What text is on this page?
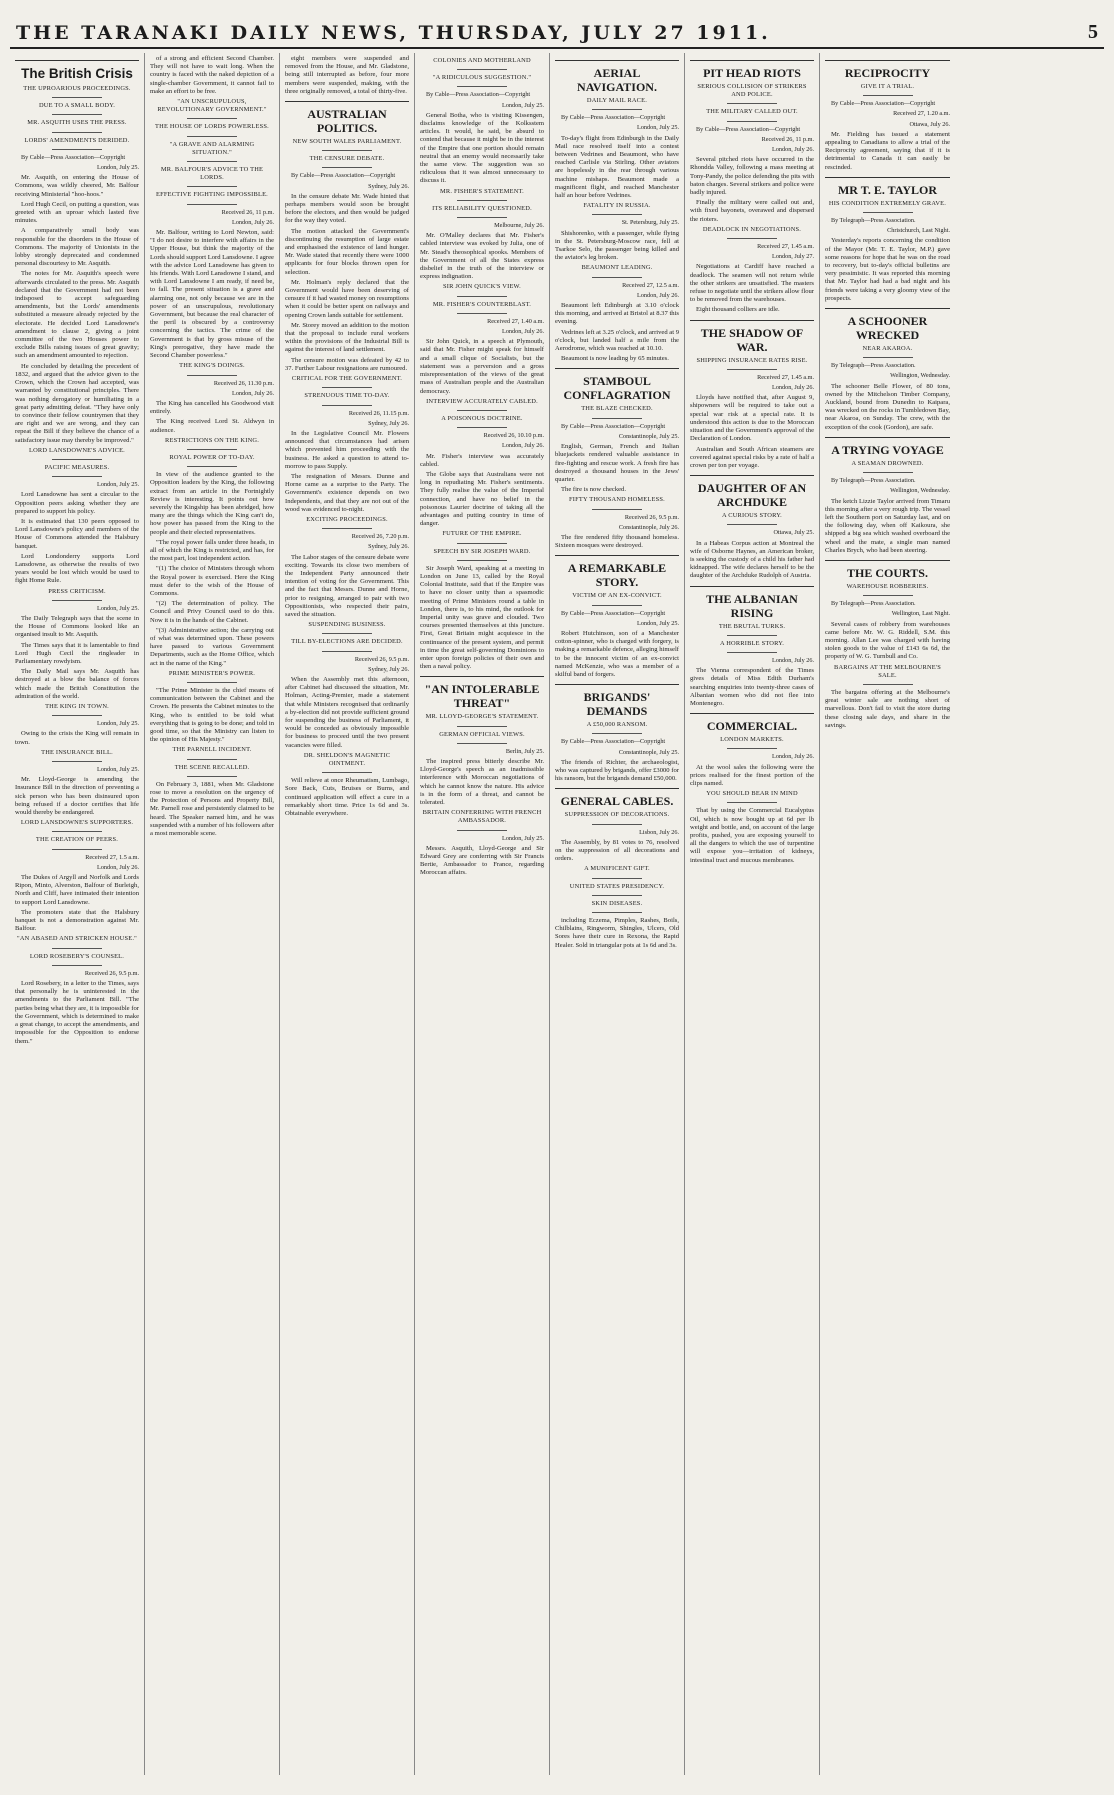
THE TARANAKI DAILY NEWS, THURSDAY, JULY 27 1911.	5
The British Crisis
THE UPROARIOUS PROCEEDINGS.
DUE TO A SMALL BODY.
MR. ASQUITH USES THE PRESS.
LORDS' AMENDMENTS DERIDED.
By Cable—Press Association—Copyright
London, July 25.

Mr. Asquith, on entering the House of Commons, was wildly cheered, Mr. Balfour receiving Ministerial "hoo-hoos."

Lord Hugh Cecil, on putting a question, was greeted with an uproar which lasted five minutes.

A comparatively small body was responsible for the disorders in the House of Commons. The majority of Unionists in the lobby strongly deprecated and condemned personal discourtesy to Mr. Asquith.

The notes for Mr. Asquith's speech were afterwards circulated to the press. Mr. Asquith declared that the Government had not been indisposed to accept safeguarding amendments, but the Lords' amendments substituted a measure already rejected by the electorate. He decided Lord Lansdowne's amendment to clause 2, giving a joint committee of the two Houses power to exclude Bills raising issues of great gravity; such an amendment amounted to rejection.

He concluded by detailing the precedent of 1832, and argued that the advice given to the Crown, which the Crown had accepted, was warranted by constitutional principles. There was nothing derogatory or humiliating in a great party admitting defeat. "They have only to convince their fellow countrymen that they are right and we are wrong, and they can repeat the Bill if they believe the chance of a satisfactory issue may thereby be improved."

LORD LANSDOWNE'S ADVICE.
PACIFIC MEASURES.
London, July 25.

Lord Lansdowne has sent a circular to the Opposition peers asking whether they are prepared to support his policy.

It is estimated that 130 peers opposed to Lord Lansdowne's policy and members of the House of Commons attended the Halsbury banquet.

Lord Londonderry supports Lord Lansdowne, as otherwise the results of two years would be lost which would be used to fight Home Rule.

PRESS CRITICISM.
London, July 25.

The Daily Telegraph says that the scene in the House of Commons looked like an organised insult to Mr. Asquith.

The Times says that it is lamentable to find Lord Hugh Cecil the ringleader in Parliamentary rowdyism.

The Daily Mail says Mr. Asquith has destroyed at a blow the balance of forces which made the British Constitution the admiration of the world.

THE KING IN TOWN.
London, July 25.

Owing to the crisis the King will remain in town.

THE INSURANCE BILL.
London, July 25.

Mr. Lloyd-George is amending the Insurance Bill in the direction of preventing a sick person who has been disinsured upon being refused if a doctor certifies that life would thereby be endangered.

LORD LANSDOWNE'S SUPPORTERS.
THE CREATION OF PEERS.
Received 27, 1.5 a.m.
London, July 26.

The Dukes of Argyll and Norfolk and Lords Ripon, Minto, Alverston, Balfour of Burleigh, North and Cliff, have intimated their intention to support Lord Lansdowne.

The promoters state that the Halsbury banquet is not a demonstration against Mr. Balfour.

"AN ABASED AND STRICKEN HOUSE."
LORD ROSEBERY'S COUNSEL.
Received 26, 9.5 p.m.

Lord Rosebery, in a letter to the Times, says that personally he is uninterested in the amendments to the Parliament Bill. "The parties being what they are, it is impossible for the Government, which is determined to make a great change, to accept the amendments, and impossible for the Opposition to endorse them."

of a strong and efficient Second Chamber. They will not have to wait long. When the country is faced with the naked depiction of a single-chamber Government, it cannot fail to make an effort to be free.

"AN UNSCRUPULOUS, REVOLUTIONARY GOVERNMENT."
THE HOUSE OF LORDS POWERLESS.
"A GRAVE AND ALARMING SITUATION."
MR. BALFOUR'S ADVICE TO THE LORDS.
EFFECTIVE FIGHTING IMPOSSIBLE.
Received 26, 11 p.m.
London, July 26.

Mr. Balfour, writing to Lord Newton, said: "I do not desire to interfere with affairs in the Upper House, but think the majority of the Lords should support Lord Lansdowne. I agree with the advice Lord Lansdowne has given to his friends. With Lord Lansdowne I stand, and with Lord Lansdowne I am ready, if need be, to fall. The present situation is a grave and alarming one, not only because we are in the power of an unscrupulous, revolutionary Government, but because the real character of the peril is obscured by a controversy concerning the tactics. The crime of the Government is that by gross misuse of the King's prerogative, they have made the Second Chamber powerless."

THE KING'S DOINGS.
Received 26, 11.30 p.m.
London, July 26.

The King has cancelled his Goodwood visit entirely.

The King received Lord St. Aldwyn in audience.

RESTRICTIONS ON THE KING.
ROYAL POWER OF TO-DAY.

In view of the audience granted to the Opposition leaders by the King, the following extract from an article in the Fortnightly Review is interesting. It points out how severely the Kingship has been abridged, how many are the things which the King can't do, how power has passed from the King to the people and their elected representatives.

"The royal power falls under three heads, in all of which the King is restricted, and has, for the most part, lost independent action.

"(1) The choice of Ministers through whom the Royal power is exercised. Here the King must defer to the wish of the House of Commons.

"(2) The determination of policy. The Council and Privy Council used to do this. Now it is in the hands of the Cabinet.

"(3) Administrative action; the carrying out of what was determined upon. These powers have passed to various Government Departments, such as the Home Office, which act in the name of the King."

PRIME MINISTER'S POWER.

"The Prime Minister is the chief means of communication between the Cabinet and the Crown. He presents the Cabinet minutes to the King, who is entitled to be told what everything that is going to be done; and told in good time, so that the Ministry can listen to the opinion of His Majesty."

THE PARNELL INCIDENT.
THE SCENE RECALLED.

On February 3, 1881, when Mr. Gladstone rose to move a resolution on the urgency of the Protection of Persons and Property Bill, Mr. Parnell rose and persistently claimed to be heard. The Speaker named him, and he was suspended with a number of his followers after a most memorable scene.

eight members were suspended and removed from the House, and Mr. Gladstone, being still interrupted as before, four more members were suspended, making, with the three originally removed, a total of thirty-five.

AUSTRALIAN POLITICS.
NEW SOUTH WALES PARLIAMENT.
THE CENSURE DEBATE.
By Cable—Press Association—Copyright
Sydney, July 26.

In the censure debate Mr. Wade hinted that perhaps members would soon be brought before the electors, and then would be judged for the way they voted.

The motion attacked the Government's discontinuing the resumption of large estate and emphasised the existence of land hunger. Mr. Wade stated that recently there were 1000 applicants for four blocks thrown open for selection.

Mr. Holman's reply declared that the Government would have been deserving of censure if it had wasted money on resumptions when it could be better spent on railways and opening Crown lands suitable for settlement.

Mr. Storey moved an addition to the motion that the proposal to include rural workers within the provisions of the Industrial Bill is against the interest of land settlement.

The censure motion was defeated by 42 to 37. Further Labour resignations are rumoured.

CRITICAL FOR THE GOVERNMENT.
STRENUOUS TIME TO-DAY.
Received 26, 11.15 p.m.
Sydney, July 26.

In the Legislative Council Mr. Flowers announced that circumstances had arisen which prevented him proceeding with the business. He asked a question to attend to-morrow to pass Supply.

The resignation of Messrs. Dunne and Horne came as a surprise to the Party. The Government's existence depends on two Independents, and that they are not out of the wood was evidenced to-night.

EXCITING PROCEEDINGS.
Received 26, 7.20 p.m.
Sydney, July 26.

The Labor stages of the censure debate were exciting. Towards its close two members of the Independent Party announced their intention of voting for the Government. This and the fact that Messrs. Dunne and Horne, prior to resigning, arranged to pair with two Oppositionists, who respected their pairs, saved the situation.

SUSPENDING BUSINESS.
TILL BY-ELECTIONS ARE DECIDED.
Received 26, 9.5 p.m.
Sydney, July 26.

When the Assembly met this afternoon, after Cabinet had discussed the situation, Mr. Holman, Acting-Premier, made a statement that while Ministers recognised that ordinarily a by-election did not provide sufficient ground for suspending the business of Parliament, it would be conceded as obviously impossible for business to proceed until the two present vacancies were filled.

DR. SHELDON'S MAGNETIC OINTMENT.

Will relieve at once Rheumatism, Lumbago, Sore Back, Cuts, Bruises or Burns, and continued application will effect a cure in a remarkably short time. Price 1s 6d and 3s. Obtainable everywhere.

COLONIES AND MOTHERLAND
"A RIDICULOUS SUGGESTION."
By Cable—Press Association—Copyright
London, July 25.

General Botha, who is visiting Kissengen, disclaims knowledge of the Kolksstem articles. It would, he said, be absurd to contend that because it might be in the interest of the Empire that one portion should remain neutral that an enemy would necessarily take the same view. The suggestion was so ridiculous that it was almost unnecessary to discuss it.

MR. FISHER'S STATEMENT.
ITS RELIABILITY QUESTIONED.
Melbourne, July 26.

Mr. O'Malley declares that Mr. Fisher's cabled interview was evoked by Julia, one of Mr. Stead's theosophical spooks. Members of the Government of all the States express disbelief in the truth of the interview or express indignation.

SIR JOHN QUICK'S VIEW.
MR. FISHER'S COUNTERBLAST.
Received 27, 1.40 a.m.
London, July 26.

Sir John Quick, in a speech at Plymouth, said that Mr. Fisher might speak for himself and a small clique of Socialists, but the statement was a perversion and a gross misrepresentation of the views of the great mass of Australian people and the Australian democracy.

INTERVIEW ACCURATELY CABLED.
A POISONOUS DOCTRINE.
Received 26, 10.10 p.m.
London, July 26.

Mr. Fisher's interview was accurately cabled.

The Globe says that Australians were not long in repudiating Mr. Fisher's sentiments. They fully realise the value of the Imperial connection, and have no belief in the poisonous Laurier doctrine of taking all the advantages and putting country in time of danger.

FUTURE OF THE EMPIRE.
SPEECH BY SIR JOSEPH WARD.

Sir Joseph Ward, speaking at a meeting in London on June 13, called by the Royal Colonial Institute, said that if the Empire was to have no closer unity than a spasmodic meeting of Prime Ministers round a table in London, there is, to his mind, the outlook for Imperial unity was grave and clouded. Two courses presented themselves at this juncture. First, Great Britain might acquiesce in the continuance of the present system, and permit in time the great self-governing Dominions to enter upon foreign policies of their own and then a naval policy.

"AN INTOLERABLE THREAT"
MR. LLOYD-GEORGE'S STATEMENT.
GERMAN OFFICIAL VIEWS.
Berlin, July 25.

The inspired press bitterly describe Mr. Lloyd-George's speech as an inadmissible interference with Moroccan negotiations of which he cannot know the nature. His advice is in the form of a threat, and cannot be tolerated.

BRITAIN CONFERRING WITH FRENCH AMBASSADOR.
London, July 25.

Messrs. Asquith, Lloyd-George and Sir Edward Grey are conferring with Sir Francis Bertie, Ambassador to France, regarding Moroccan affairs.

AERIAL NAVIGATION.
DAILY MAIL RACE.
By Cable—Press Association—Copyright
London, July 25.

To-day's flight from Edinburgh in the Daily Mail race resolved itself into a contest between Vedrines and Beaumont, who have reached Carlisle via Stirling. Other aviators are hopelessly in the rear through various machine mishaps. Beaumont made a magnificent flight, and reached Manchester half an hour before Vedrines.

FATALITY IN RUSSIA.
St. Petersburg, July 25.

Shishorenko, with a passenger, while flying in the St. Petersburg-Moscow race, fell at Tsarkoe Selo, the passenger being killed and the aviator's leg broken.

BEAUMONT LEADING.
Received 27, 12.5 a.m.
London, July 26.

Beaumont left Edinburgh at 3.10 o'clock this morning, and arrived at Bristol at 8.37 this evening.

Vedrines left at 3.25 o'clock, and arrived at 9 o'clock, but landed half a mile from the Aerodrome, which was reached at 10.10.

Beaumont is now leading by 65 minutes.

STAMBOUL CONFLAGRATION
THE BLAZE CHECKED.
By Cable—Press Association—Copyright
Constantinople, July 25.

English, German, French and Italian bluejackets rendered valuable assistance in fire-fighting and rescue work. A fresh fire has destroyed a thousand houses in the Jews' quarter.

The fire is now checked.

FIFTY THOUSAND HOMELESS.
Received 26, 9.5 p.m.
Constantinople, July 26.

The fire rendered fifty thousand homeless. Sixteen mosques were destroyed.

A REMARKABLE STORY.
VICTIM OF AN EX-CONVICT.
By Cable—Press Association—Copyright
London, July 25.

Robert Hutchinson, son of a Manchester cotton-spinner, who is charged with forgery, is making a remarkable defence, alleging himself to be the innocent victim of an ex-convict named McKenzie, who was a member of a skilful band of forgers.

BRIGANDS' DEMANDS
A £50,000 RANSOM.
By Cable—Press Association—Copyright
Constantinople, July 25.

The friends of Richter, the archaeologist, who was captured by brigands, offer £3000 for his ransom, but the brigands demand £50,000.

GENERAL CABLES.
SUPPRESSION OF DECORATIONS.
Lisbon, July 26.

The Assembly, by 81 votes to 76, resolved on the suppression of all decorations and orders.

A MUNIFICENT GIFT.
UNITED STATES PRESIDENCY.
SKIN DISEASES.

including Eczema, Pimples, Rashes, Boils, Chilblains, Ringworm, Shingles, Ulcers, Old Sores have their cure in Rexona, the Rapid Healer. Sold in triangular pots at 1s 6d and 3s.

PIT HEAD RIOTS
SERIOUS COLLISION OF STRIKERS AND POLICE.
THE MILITARY CALLED OUT.
By Cable—Press Association—Copyright
Received 26, 11 p.m.
London, July 26.

Several pitched riots have occurred in the Rhondda Valley, following a mass meeting at Tony-Pandy, the police defending the pits with baton charges. Several strikers and police were badly injured.

Finally the military were called out and, with fixed bayonets, overawed and dispersed the rioters.

DEADLOCK IN NEGOTIATIONS.
Received 27, 1.45 a.m.
London, July 27.

Negotiations at Cardiff have reached a deadlock. The seamen will not return while the other strikers are unsatisfied. The masters refuse to negotiate until the strikers allow flour to be removed from the warehouses.

Eight thousand colliers are idle.

THE SHADOW OF WAR.
SHIPPING INSURANCE RATES RISE.
Received 27, 1.45 a.m.
London, July 26.

Lloyds have notified that, after August 9, shipowners will be required to take out a special war risk at a special rate. It is understood this action is due to the Moroccan situation and the Government's approval of the Declaration of London.

Australian and South African steamers are covered against special risks by a rate of half a crown per ton per voyage.

DAUGHTER OF AN ARCHDUKE
A CURIOUS STORY.
Ottawa, July 25.

In a Habeas Corpus action at Montreal the wife of Osborne Haynes, an American broker, is seeking the custody of a child his father had kidnapped. The wife declares herself to be the daughter of the Archduke Rudolph of Austria.

THE ALBANIAN RISING
THE BRUTAL TURKS.
A HORRIBLE STORY.
London, July 26.

The Vienna correspondent of the Times gives details of Miss Edith Durham's searching enquiries into twenty-three cases of Albanian women who did not flee into Montenegro.

COMMERCIAL.
LONDON MARKETS.
London, July 26.

At the wool sales the following were the prices realised for the finest portion of the clips named.

YOU SHOULD BEAR IN MIND

That by using the Commercial Eucalyptus Oil, which is now bought up at 6d per lb weight and bottle, and, on account of the large profits, pushed, you are exposing yourself to all the dangers to which the use of turpentine will expose you—irritation of kidneys, intestinal tract and mucous membranes.

RECIPROCITY
GIVE IT A TRIAL.
By Cable—Press Association—Copyright
Received 27, 1.20 a.m.
Ottawa, July 26.

Mr. Fielding has issued a statement appealing to Canadians to allow a trial of the Reciprocity agreement, saying that if it is detrimental to Canada it can easily be rescinded.

MR T. E. TAYLOR
HIS CONDITION EXTREMELY GRAVE.
By Telegraph—Press Association.
Christchurch, Last Night.

Yesterday's reports concerning the condition of the Mayor (Mr. T. E. Taylor, M.P.) gave some reasons for hope that he was on the road to recovery, but to-day's official bulletins are very pessimistic. It was reported this morning that Mr. Taylor had had a bad night and his friends were taking a very gloomy view of the prospects.

A SCHOONER WRECKED
NEAR AKAROA.
By Telegraph—Press Association.
Wellington, Wednesday.

The schooner Belle Flower, of 80 tons, owned by the Mitchelson Timber Company, Auckland, bound from Dunedin to Kaipara, was wrecked on the rocks in Tumbledown Bay, near Akaroa, on Sunday. The crew, with the exception of the cook (Gordon), are safe.

A TRYING VOYAGE
A SEAMAN DROWNED.
By Telegraph—Press Association.
Wellington, Wednesday.

The ketch Lizzie Taylor arrived from Timaru this morning after a very rough trip. The vessel left the Southern port on Saturday last, and on the following day, when off Kaikoura, she shipped a big sea which washed overboard the wheel and the mate, a single man named Charles Brych, who had been steering.

THE COURTS.
WAREHOUSE ROBBERIES.
By Telegraph—Press Association.
Wellington, Last Night.

Several cases of robbery from warehouses came before Mr. W. G. Riddell, S.M. this morning. Allan Lee was charged with having stolen goods to the value of £143 6s 6d, the property of W. G. Turnbull and Co.

BARGAINS AT THE MELBOURNE'S SALE.

The bargains offering at the Melbourne's great winter sale are nothing short of marvellous. Don't fail to visit the store during these closing sale days, and share in the savings.
